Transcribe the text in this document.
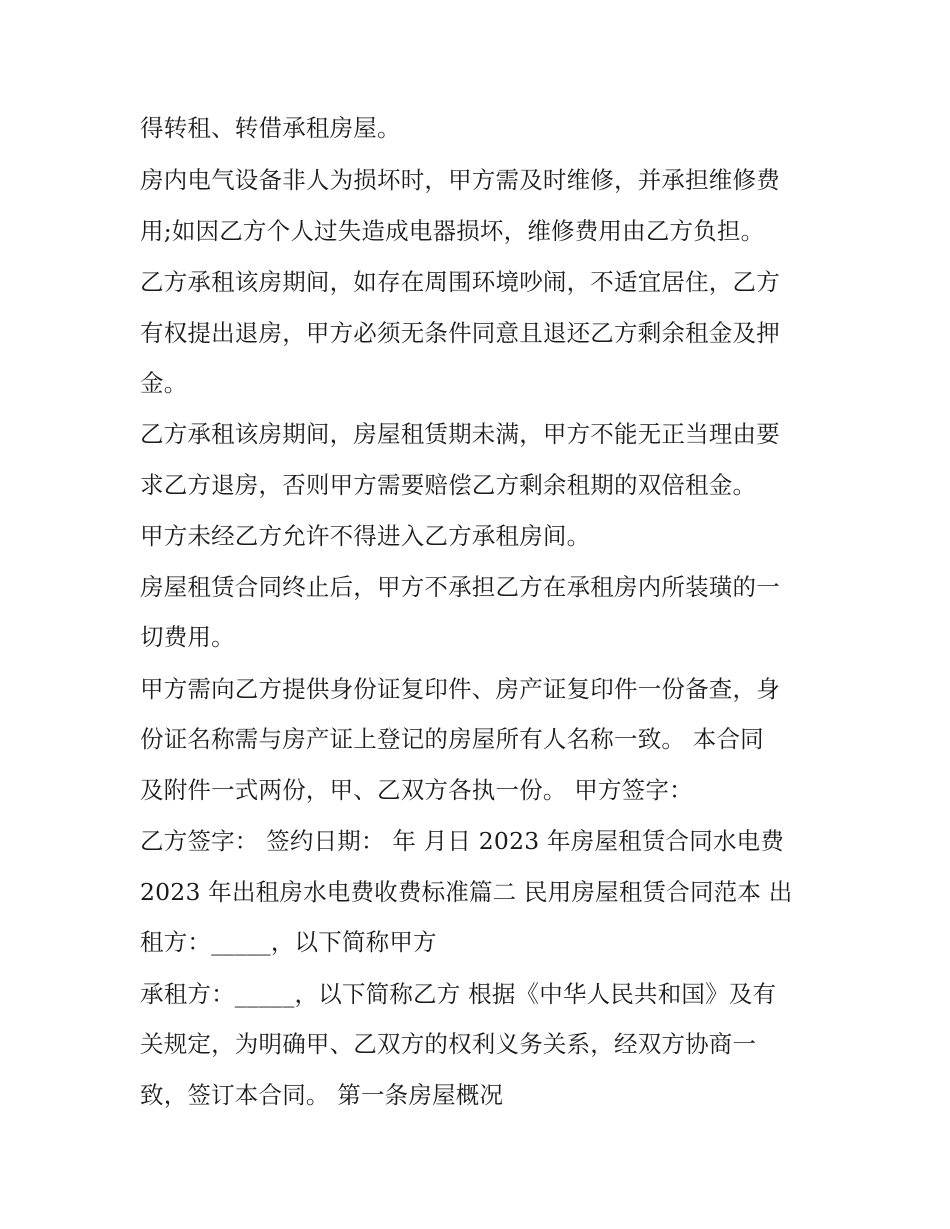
得转租、转借承租房屋。
房内电气设备非人为损坏时，甲方需及时维修，并承担维修费
用;如因乙方个人过失造成电器损坏，维修费用由乙方负担。
乙方承租该房期间，如存在周围环境吵闹，不适宜居住，乙方
有权提出退房，甲方必须无条件同意且退还乙方剩余租金及押
金。
乙方承租该房期间，房屋租赁期未满，甲方不能无正当理由要
求乙方退房，否则甲方需要赔偿乙方剩余租期的双倍租金。
甲方未经乙方允许不得进入乙方承租房间。
房屋租赁合同终止后，甲方不承担乙方在承租房内所装璜的一
切费用。
甲方需向乙方提供身份证复印件、房产证复印件一份备查，身
份证名称需与房产证上登记的房屋所有人名称一致。 本合同
及附件一式两份，甲、乙双方各执一份。 甲方签字：
乙方签字： 签约日期： 年 月日 2023 年房屋租赁合同水电费
2023 年出租房水电费收费标准篇二 民用房屋租赁合同范本 出
租方：_____，以下简称甲方
承租方：_____，以下简称乙方 根据《中华人民共和国》及有
关规定，为明确甲、乙双方的权利义务关系，经双方协商一
致，签订本合同。 第一条房屋概况
